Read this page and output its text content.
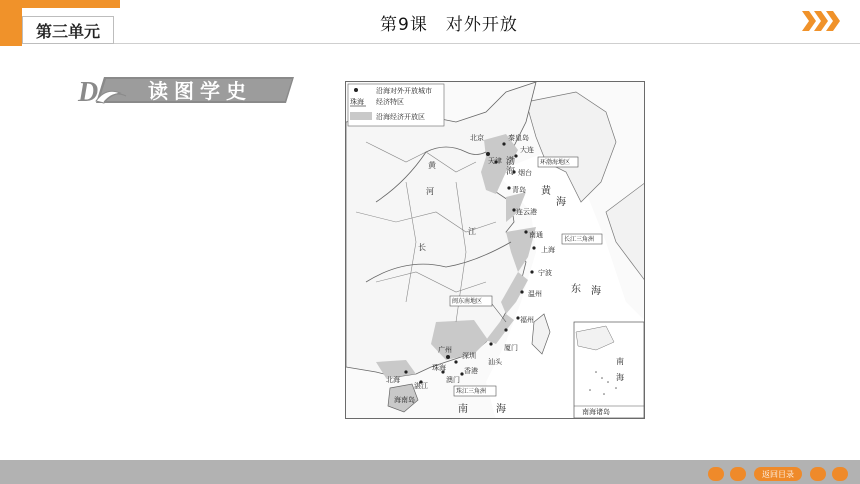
第三单元	第9课 对外开放
D 读图学史	沿海对外开放城市
珠海 经济特区
沿海经济开放区
北京	秦皇岛
天津
大连
渤
海 烟台
青岛
连云港
黄
海
南通
上海
宁波
温州	东 海
福州
厦门
汕头
广州
深圳
珠海	香港
澳门
北海
湛江
海南岛
南	海
黄
河
长
江
环渤海地区
长江三角洲
闽东南地区
珠江三角洲
南
海
南海诸岛
返回目录
